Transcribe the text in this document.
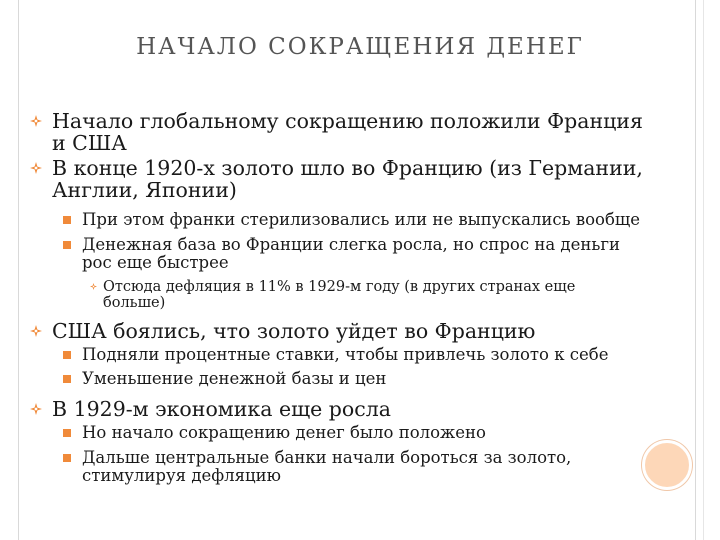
НАЧАЛО СОКРАЩЕНИЯ ДЕНЕГ
Начало глобальному сокращению положили Франция
и США
В конце 1920-х золото шло во Францию (из Германии,
Англии, Японии)
При этом франки стерилизовались или не выпускались вообще
Денежная база во Франции слегка росла, но спрос на деньги
рос еще быстрее
Отсюда дефляция в 11% в 1929-м году (в других странах еще
больше)
США боялись, что золото уйдет во Францию
Подняли процентные ставки, чтобы привлечь золото к себе
Уменьшение денежной базы и цен
В 1929-м экономика еще росла
Но начало сокращению денег было положено
Дальше центральные банки начали бороться за золото,
стимулируя дефляцию
